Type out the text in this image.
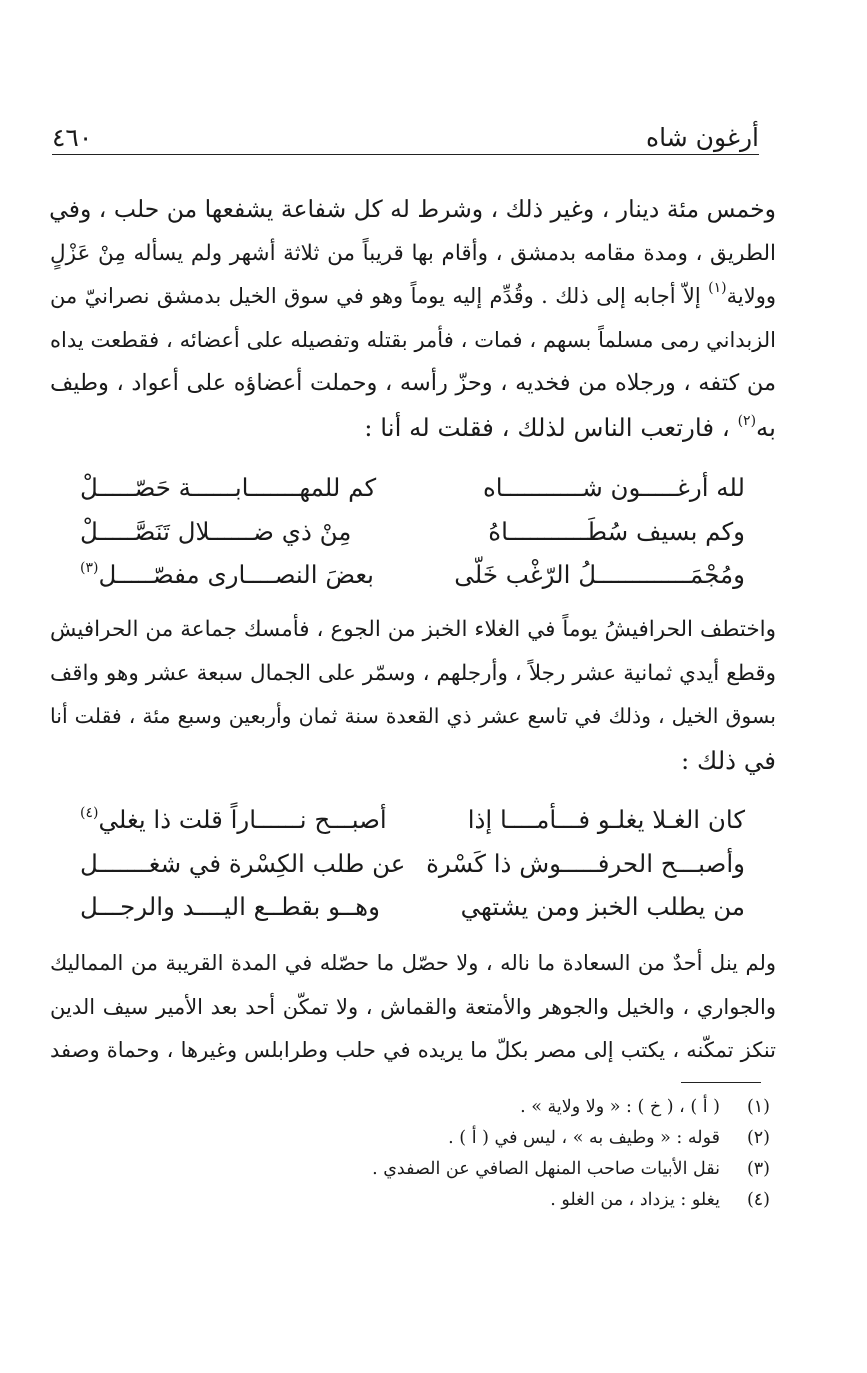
أرغون شاه
٤٦٠
وخمس مئة دينار ، وغير ذلك ، وشرط له كل شفاعة يشفعها من حلب ، وفي
الطريق ، ومدة مقامه بدمشق ، وأقام بها قريباً من ثلاثة أشهر ولم يسأله مِنْ عَزْلٍ
وولاية$^{(١)}$ إلاّ أجابه إلى ذلك . وقُدِّم إليه يوماً وهو في سوق الخيل بدمشق نصرانيّ من
الزبداني رمى مسلماً بسهم ، فمات ، فأمر بقتله وتفصيله على أعضائه ، فقطعت يداه
من كتفه ، ورجلاه من فخديه ، وحزّ رأسه ، وحملت أعضاؤه على أعواد ، وطيف
به$^{(٢)}$ ، فارتعب الناس لذلك ، فقلت له أنا :
لله أرغـــــون شـــــــــــاه
كم للمهـــــــابــــــة حَصّـــــلْ
وكم بسيف سُطَـــــــــــاهُ
مِنْ ذي ضــــــلال تَنَصَّـــــلْ
ومُجْمَـــــــــــــلُ الرّغْب خَلّى
بعضَ النصــــارى مفصّـــــل$^{(٣)}$
واختطف الحرافيشُ يوماً في الغلاء الخبز من الجوع ، فأمسك جماعة من الحرافيش
وقطع أيدي ثمانية عشر رجلاً ، وأرجلهم ، وسمّر على الجمال سبعة عشر وهو واقف
بسوق الخيل ، وذلك في تاسع عشر ذي القعدة سنة ثمان وأربعين وسبع مئة ، فقلت أنا
في ذلك :
كان الغـلا يغلـو فـــأمــــا إذا
أصبـــح نــــــاراً قلت ذا يغلي$^{(٤)}$
وأصبـــح الحرفـــــوش ذا كَسْرة
عن طلب الكِسْرة في شغـــــــل
من يطلب الخبز ومن يشتهي
وهــو بقطــع اليــــد والرجـــل
ولم ينل أحدٌ من السعادة ما ناله ، ولا حصّل ما حصّله في المدة القريبة من المماليك
والجواري ، والخيل والجوهر والأمتعة والقماش ، ولا تمكّن أحد بعد الأمير سيف الدين
تنكز تمكّنه ، يكتب إلى مصر بكلّ ما يريده في حلب وطرابلس وغيرها ، وحماة وصفد
(١)
( أ ) ، ( خ ) : « ولا ولاية » .
(٢)
قوله : « وطيف به » ، ليس في ( أ ) .
(٣)
نقل الأبيات صاحب المنهل الصافي عن الصفدي .
(٤)
يغلو : يزداد ، من الغلو .
